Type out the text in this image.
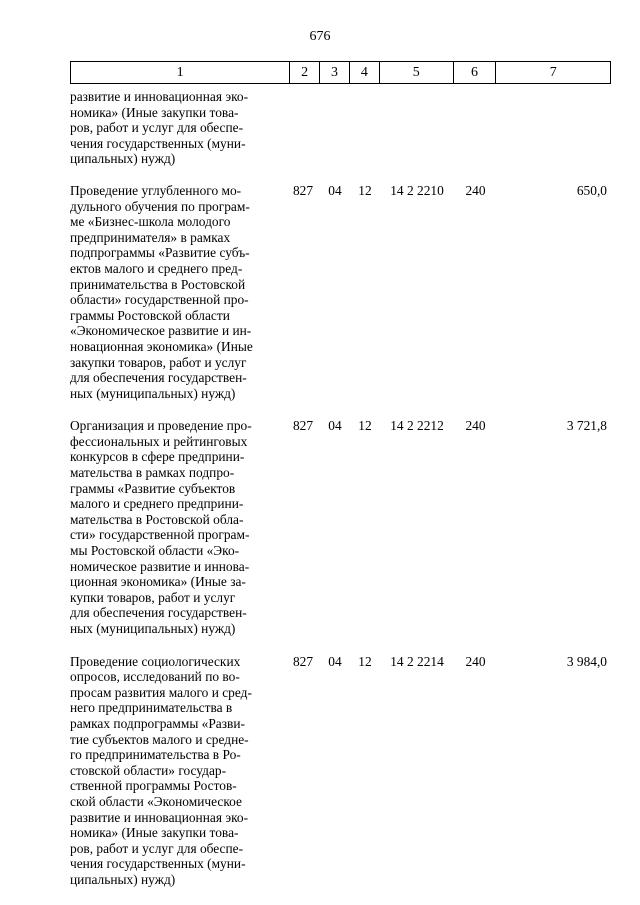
676
1	2	3	4	5	6	7
развитие и инновационная эко-
номика» (Иные закупки това-
ров, работ и услуг для обеспе-
чения государственных (муни-
ципальных) нужд)
Проведение углубленного мо-
дульного обучения по програм-
ме «Бизнес-школа молодого
предпринимателя» в рамках
подпрограммы «Развитие субъ-
ектов малого и среднего пред-
принимательства в Ростовской
области» государственной про-
граммы Ростовской области
«Экономическое развитие и ин-
новационная экономика» (Иные
закупки товаров, работ и услуг
для обеспечения государствен-
ных (муниципальных) нужд)
827	04	12	14 2 2210	240	650,0
Организация и проведение про-
фессиональных и рейтинговых
конкурсов в сфере предприни-
мательства в рамках подпро-
граммы «Развитие субъектов
малого и среднего предприни-
мательства в Ростовской обла-
сти» государственной програм-
мы Ростовской области «Эко-
номическое развитие и иннова-
ционная экономика» (Иные за-
купки товаров, работ и услуг
для обеспечения государствен-
ных (муниципальных) нужд)
827	04	12	14 2 2212	240	3 721,8
Проведение социологических
опросов, исследований по во-
просам развития малого и сред-
него предпринимательства в
рамках подпрограммы «Разви-
тие субъектов малого и средне-
го предпринимательства в Ро-
стовской области» государ-
ственной программы Ростов-
ской области «Экономическое
развитие и инновационная эко-
номика» (Иные закупки това-
ров, работ и услуг для обеспе-
чения государственных (муни-
ципальных) нужд)
827	04	12	14 2 2214	240	3 984,0
